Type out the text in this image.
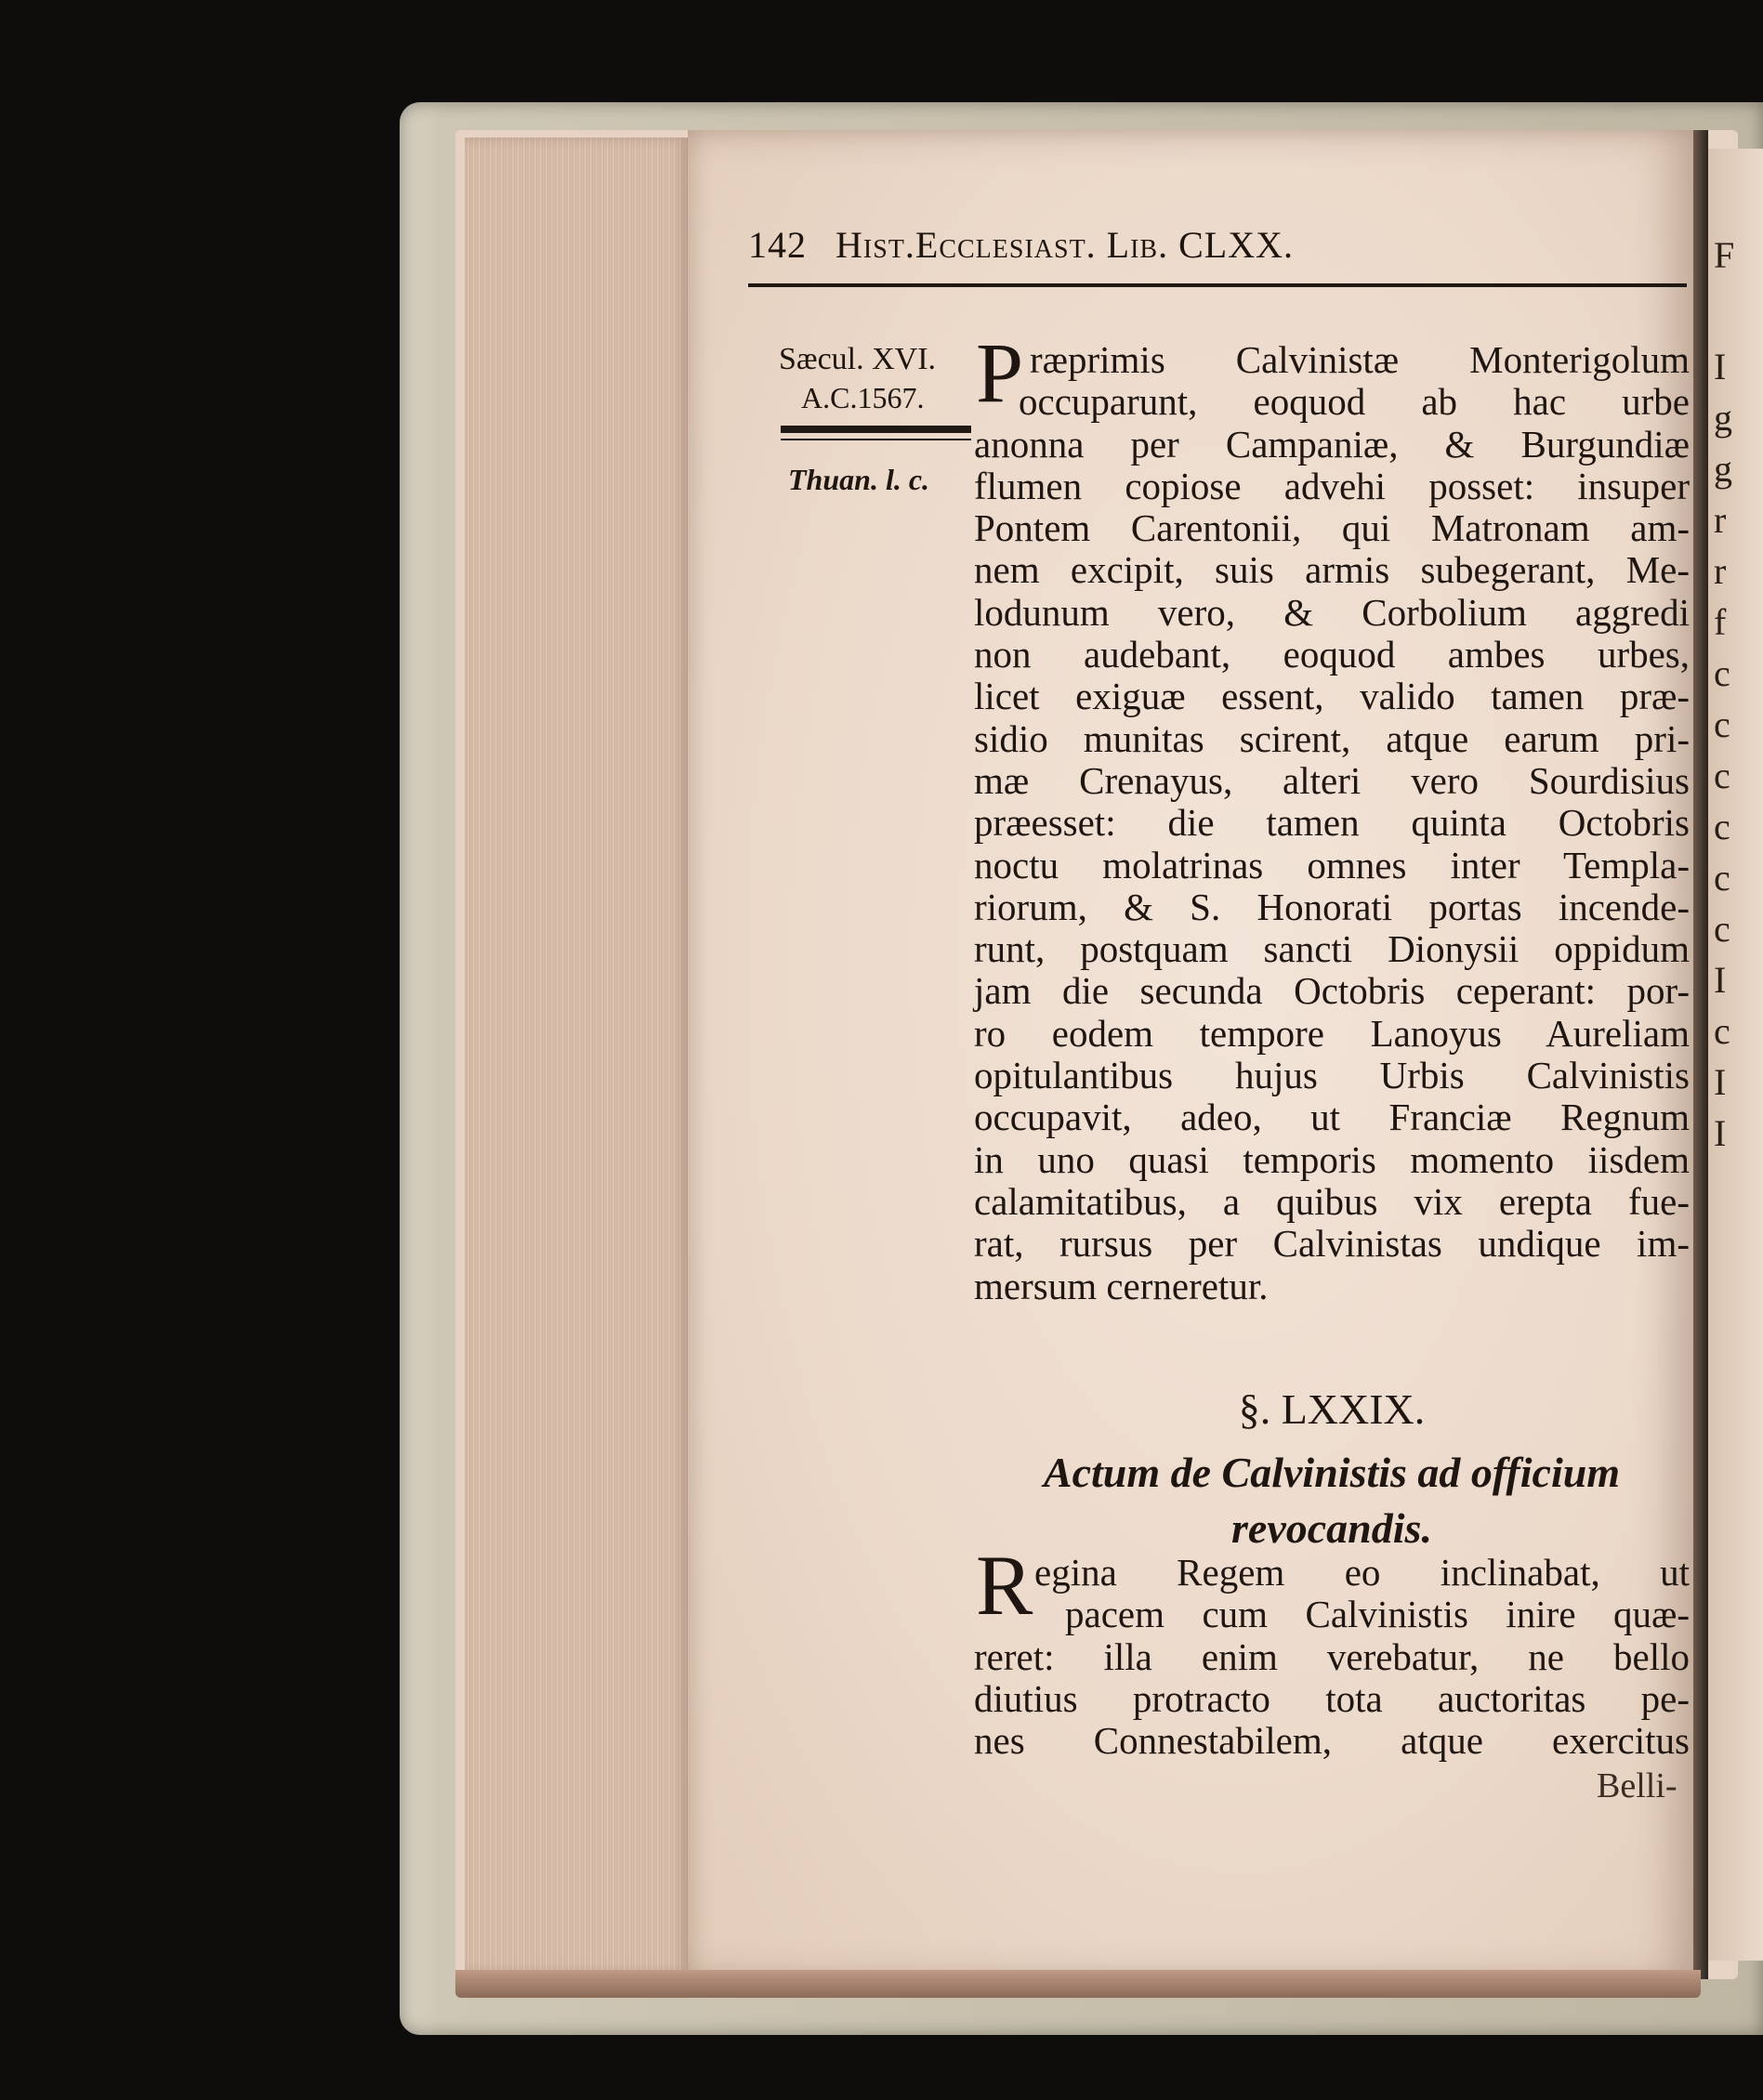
F
I
g
g
r
r
f
c
c
c
c
c
c
I
c
I
I
142 Hist.Ecclesiast. Lib. CLXX.
Sæcul. XVI.
A.C.1567.
Thuan. l. c.
P ræprimis Calvinistæ Monterigolum
occuparunt, eoquod ab hac urbe
anonna per Campaniæ, & Burgundiæ
flumen copiose advehi posset: insuper
Pontem Carentonii, qui Matronam am-
nem excipit, suis armis subegerant, Me-
lodunum vero, & Corbolium aggredi
non audebant, eoquod ambes urbes,
licet exiguæ essent, valido tamen præ-
sidio munitas scirent, atque earum pri-
mæ Crenayus, alteri vero Sourdisius
præesset: die tamen quinta Octobris
noctu molatrinas omnes inter Templa-
riorum, & S. Honorati portas incende-
runt, postquam sancti Dionysii oppidum
jam die secunda Octobris ceperant: por-
ro eodem tempore Lanoyus Aureliam
opitulantibus hujus Urbis Calvinistis
occupavit, adeo, ut Franciæ Regnum
in uno quasi temporis momento iisdem
calamitatibus, a quibus vix erepta fue-
rat, rursus per Calvinistas undique im-
mersum cerneretur.
§. LXXIX.
Actum de Calvinistis ad officium
revocandis.
R egina Regem eo inclinabat, ut
pacem cum Calvinistis inire quæ-
reret: illa enim verebatur, ne bello
diutius protracto tota auctoritas pe-
nes Connestabilem, atque exercitus
Belli-
